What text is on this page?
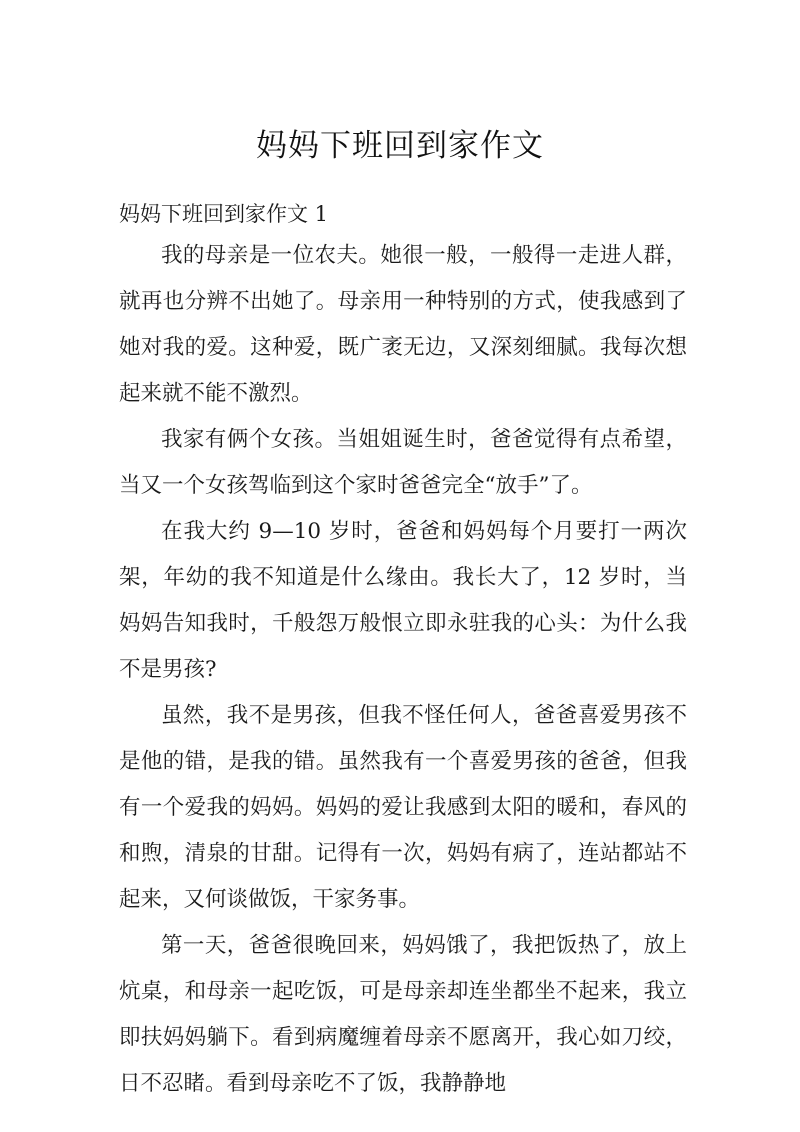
妈妈下班回到家作文
妈妈下班回到家作文 1

我的母亲是一位农夫。她很一般，一般得一走进人群，就再也分辨不出她了。母亲用一种特别的方式，使我感到了她对我的爱。这种爱，既广袤无边，又深刻细腻。我每次想起来就不能不激烈。

我家有俩个女孩。当姐姐诞生时，爸爸觉得有点希望，当又一个女孩驾临到这个家时爸爸完全“放手”了。

在我大约 9—10 岁时，爸爸和妈妈每个月要打一两次架，年幼的我不知道是什么缘由。我长大了，12 岁时，当妈妈告知我时，千般怨万般恨立即永驻我的心头：为什么我不是男孩?

虽然，我不是男孩，但我不怪任何人，爸爸喜爱男孩不是他的错，是我的错。虽然我有一个喜爱男孩的爸爸，但我有一个爱我的妈妈。妈妈的爱让我感到太阳的暖和，春风的和煦，清泉的甘甜。记得有一次，妈妈有病了，连站都站不起来，又何谈做饭，干家务事。

第一天，爸爸很晚回来，妈妈饿了，我把饭热了，放上炕桌，和母亲一起吃饭，可是母亲却连坐都坐不起来，我立即扶妈妈躺下。看到病魔缠着母亲不愿离开，我心如刀绞，日不忍睹。看到母亲吃不了饭，我静静地
